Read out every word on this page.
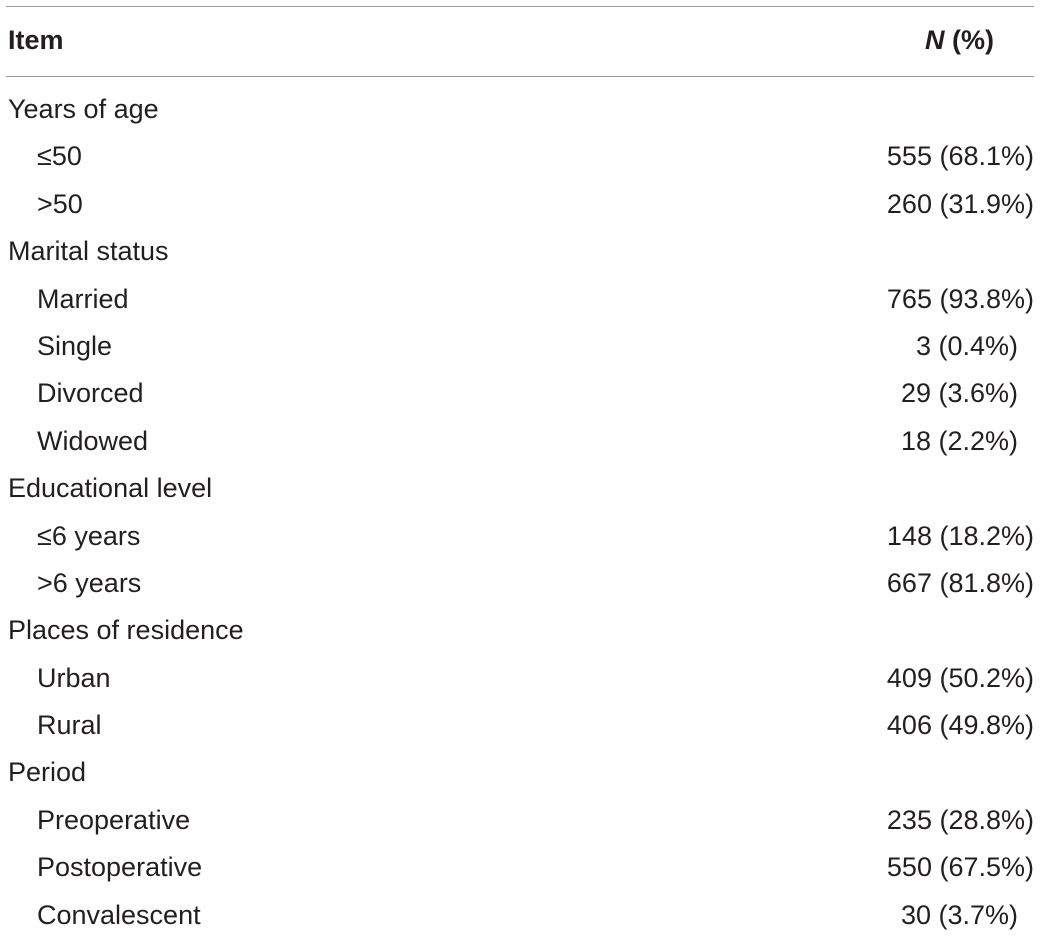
Item	N (%)
Years of age
≤50	555 (68.1%)
>50	260 (31.9%)
Marital status
Married	765 (93.8%)
Single	3 (0.4%)
Divorced	29 (3.6%)
Widowed	18 (2.2%)
Educational level
≤6 years	148 (18.2%)
>6 years	667 (81.8%)
Places of residence
Urban	409 (50.2%)
Rural	406 (49.8%)
Period
Preoperative	235 (28.8%)
Postoperative	550 (67.5%)
Convalescent	30 (3.7%)
